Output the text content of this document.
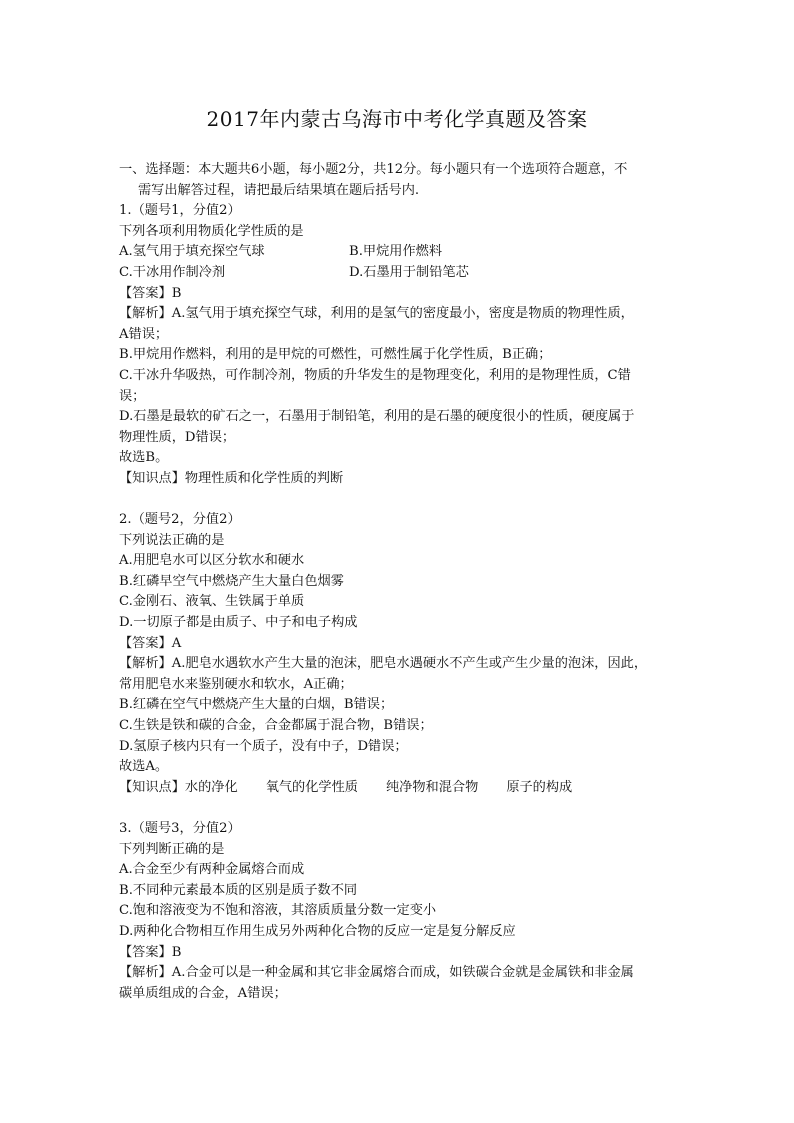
2017年内蒙古乌海市中考化学真题及答案

一、选择题：本大题共6小题，每小题2分，共12分。每小题只有一个选项符合题意，不

需写出解答过程，请把最后结果填在题后括号内.

1.（题号1，分值2）

下列各项利用物质化学性质的是

A.氢气用于填充探空气球	B.甲烷用作燃料
C.干冰用作制冷剂	D.石墨用于制铅笔芯

【答案】B

【解析】A.氢气用于填充探空气球，利用的是氢气的密度最小，密度是物质的物理性质，

A错误；

B.甲烷用作燃料，利用的是甲烷的可燃性，可燃性属于化学性质，B正确；

C.干冰升华吸热，可作制冷剂，物质的升华发生的是物理变化，利用的是物理性质，C错

误；

D.石墨是最软的矿石之一，石墨用于制铅笔，利用的是石墨的硬度很小的性质，硬度属于

物理性质，D错误；

故选B。

【知识点】物理性质和化学性质的判断

2.（题号2，分值2）

下列说法正确的是

A.用肥皂水可以区分软水和硬水

B.红磷早空气中燃烧产生大量白色烟雾

C.金刚石、液氧、生铁属于单质

D.一切原子都是由质子、中子和电子构成

【答案】A

【解析】A.肥皂水遇软水产生大量的泡沫，肥皂水遇硬水不产生或产生少量的泡沫，因此，

常用肥皂水来鉴别硬水和软水，A正确；

B.红磷在空气中燃烧产生大量的白烟，B错误；

C.生铁是铁和碳的合金，合金都属于混合物，B错误；

D.氢原子核内只有一个质子，没有中子，D错误；

故选A。

【知识点】水的净化 氧气的化学性质 纯净物和混合物 原子的构成

3.（题号3，分值2）

下列判断正确的是

A.合金至少有两种金属熔合而成

B.不同种元素最本质的区别是质子数不同

C.饱和溶液变为不饱和溶液，其溶质质量分数一定变小

D.两种化合物相互作用生成另外两种化合物的反应一定是复分解反应

【答案】B

【解析】A.合金可以是一种金属和其它非金属熔合而成，如铁碳合金就是金属铁和非金属

碳单质组成的合金，A错误；
